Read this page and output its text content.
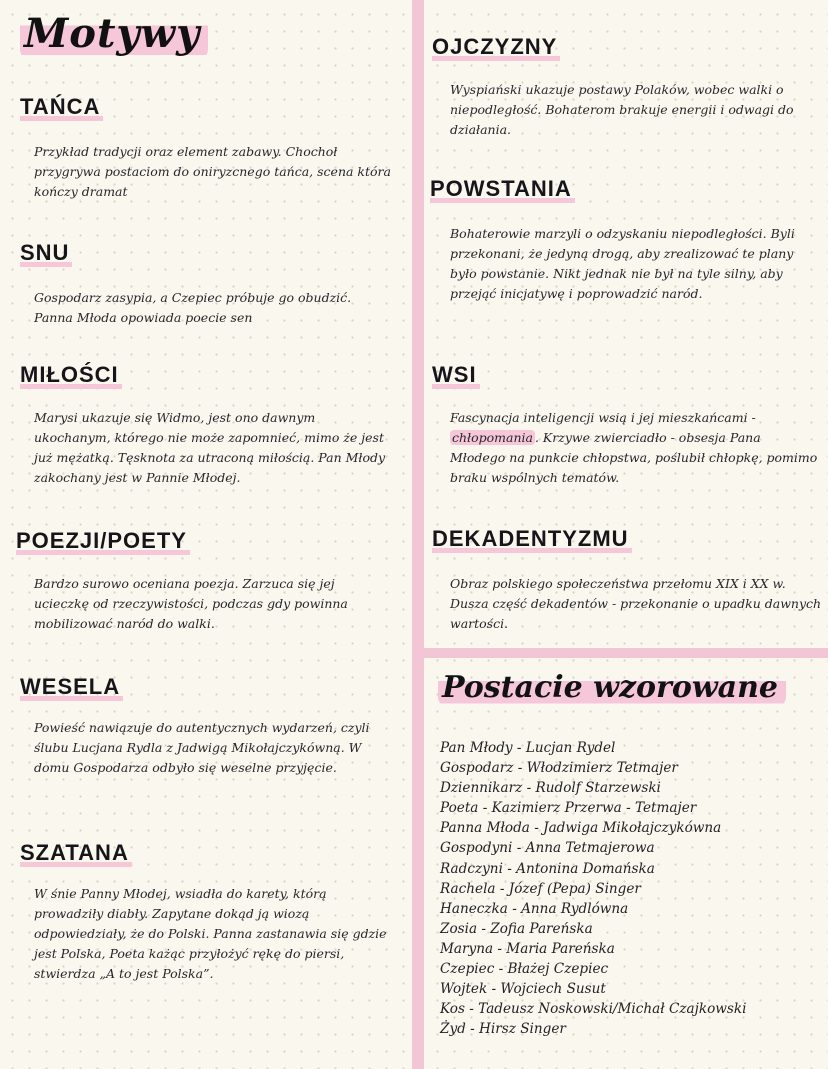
Motywy
TAŃCA

Przykład tradycji oraz element zabawy. Chochoł przygrywa postaciom do oniryzcnego tańca, scena która kończy dramat

SNU

Gospodarz zasypia, a Czepiec próbuje go obudzić. Panna Młoda opowiada poecie sen

MIŁOŚCI

Marysi ukazuje się Widmo, jest ono dawnym ukochanym, którego nie może zapomnieć, mimo że jest już mężatką. Tęsknota za utraconą miłością. Pan Młody zakochany jest w Pannie Młodej.

POEZJI/POETY

Bardzo surowo oceniana poezja. Zarzuca się jej ucieczkę od rzeczywistości, podczas gdy powinna mobilizować naród do walki.

WESELA

Powieść nawiązuje do autentycznych wydarzeń, czyli ślubu Lucjana Rydla z Jadwigą Mikołajczykówną. W domu Gospodarza odbyło się weselne przyjęcie.

SZATANA

W śnie Panny Młodej, wsiadła do karety, którą prowadziły diabły. Zapytane dokąd ją wiozą odpowiedziały, że do Polski. Panna zastanawia się gdzie jest Polska, Poeta każąc przyłożyć rękę do piersi, stwierdza „A to jest Polska”.

OJCZYZNY

Wyspiański ukazuje postawy Polaków, wobec walki o niepodległość. Bohaterom brakuje energii i odwagi do działania.

POWSTANIA

Bohaterowie marzyli o odzyskaniu niepodległości. Byli przekonani, że jedyną drogą, aby zrealizować te plany było powstanie. Nikt jednak nie był na tyle silny, aby przejąć inicjatywę i poprowadzić naród.

WSI

Fascynacja inteligencji wsią i jej mieszkańcami - chłopomania . Krzywe zwierciadło - obsesja Pana Młodego na punkcie chłopstwa, poślubił chłopkę, pomimo braku wspólnych tematów.

DEKADENTYZMU

Obraz polskiego społeczeństwa przełomu XIX i XX w. Dusza część dekadentów - przekonanie o upadku dawnych wartości.

Postacie wzorowane
Pan Młody - Lucjan Rydel
Gospodarz - Włodzimierz Tetmajer
Dziennikarz - Rudolf Starzewski
Poeta - Kazimierz Przerwa - Tetmajer
Panna Młoda - Jadwiga Mikołajczykówna
Gospodyni - Anna Tetmajerowa
Radczyni - Antonina Domańska
Rachela - Józef (Pepa) Singer
Haneczka - Anna Rydlówna
Zosia - Zofia Pareńska
Maryna - Maria Pareńska
Czepiec - Błażej Czepiec
Wojtek - Wojciech Susut
Kos - Tadeusz Noskowski/Michał Czajkowski
Żyd - Hirsz Singer
